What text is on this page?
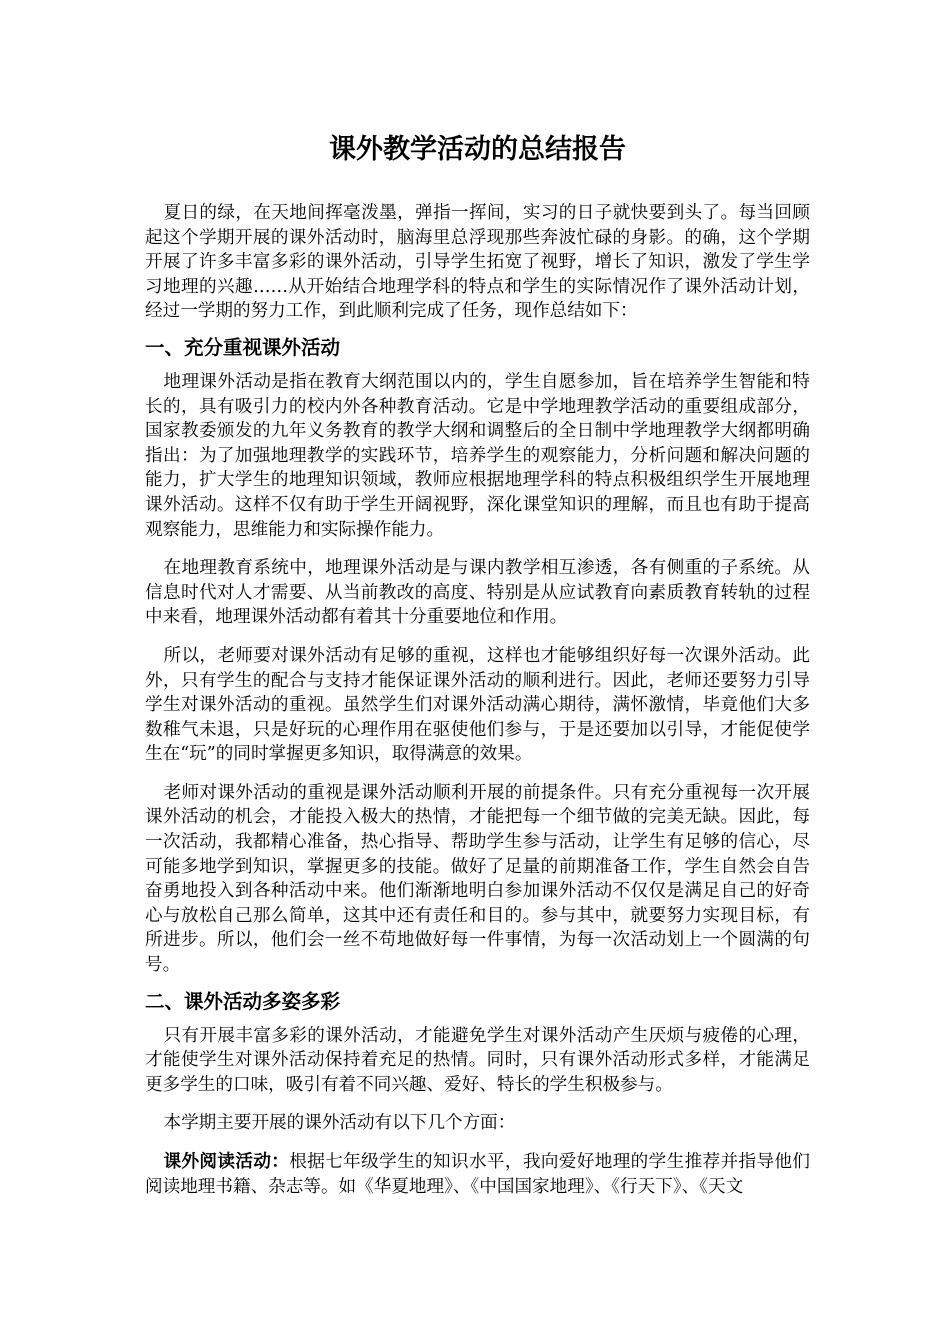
课外教学活动的总结报告

夏日的绿，在天地间挥毫泼墨，弹指一挥间，实习的日子就快要到头了。每当回顾起这个学期开展的课外活动时，脑海里总浮现那些奔波忙碌的身影。的确，这个学期开展了许多丰富多彩的课外活动，引导学生拓宽了视野，增长了知识，激发了学生学习地理的兴趣……从开始结合地理学科的特点和学生的实际情况作了课外活动计划，经过一学期的努力工作，到此顺利完成了任务，现作总结如下：

一、充分重视课外活动

地理课外活动是指在教育大纲范围以内的，学生自愿参加，旨在培养学生智能和特长的，具有吸引力的校内外各种教育活动。它是中学地理教学活动的重要组成部分，国家教委颁发的九年义务教育的教学大纲和调整后的全日制中学地理教学大纲都明确指出：为了加强地理教学的实践环节，培养学生的观察能力，分析问题和解决问题的能力，扩大学生的地理知识领域，教师应根据地理学科的特点积极组织学生开展地理课外活动。这样不仅有助于学生开阔视野，深化课堂知识的理解，而且也有助于提高观察能力，思维能力和实际操作能力。

在地理教育系统中，地理课外活动是与课内教学相互渗透，各有侧重的子系统。从信息时代对人才需要、从当前教改的高度、特别是从应试教育向素质教育转轨的过程中来看，地理课外活动都有着其十分重要地位和作用。

所以，老师要对课外活动有足够的重视，这样也才能够组织好每一次课外活动。此外，只有学生的配合与支持才能保证课外活动的顺利进行。因此，老师还要努力引导学生对课外活动的重视。虽然学生们对课外活动满心期待，满怀激情，毕竟他们大多数稚气未退，只是好玩的心理作用在驱使他们参与，于是还要加以引导，才能促使学生在“玩”的同时掌握更多知识，取得满意的效果。

老师对课外活动的重视是课外活动顺利开展的前提条件。只有充分重视每一次开展课外活动的机会，才能投入极大的热情，才能把每一个细节做的完美无缺。因此，每一次活动，我都精心准备，热心指导、帮助学生参与活动，让学生有足够的信心，尽可能多地学到知识，掌握更多的技能。做好了足量的前期准备工作，学生自然会自告奋勇地投入到各种活动中来。他们渐渐地明白参加课外活动不仅仅是满足自己的好奇心与放松自己那么简单，这其中还有责任和目的。参与其中，就要努力实现目标，有所进步。所以，他们会一丝不苟地做好每一件事情，为每一次活动划上一个圆满的句号。

二、课外活动多姿多彩

只有开展丰富多彩的课外活动，才能避免学生对课外活动产生厌烦与疲倦的心理，才能使学生对课外活动保持着充足的热情。同时，只有课外活动形式多样，才能满足更多学生的口味，吸引有着不同兴趣、爱好、特长的学生积极参与。

本学期主要开展的课外活动有以下几个方面：

课外阅读活动：根据七年级学生的知识水平，我向爱好地理的学生推荐并指导他们阅读地理书籍、杂志等。如《华夏地理》、《中国国家地理》、《行天下》、《天文
